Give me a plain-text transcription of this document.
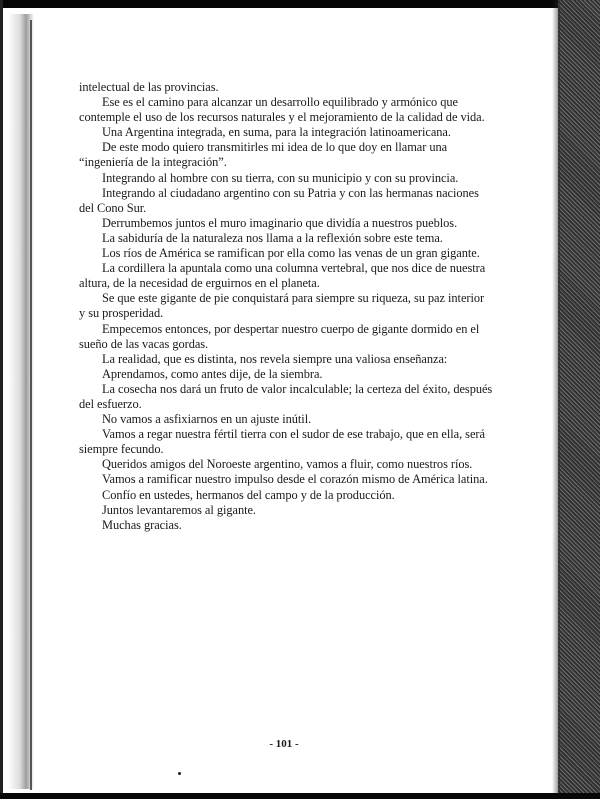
intelectual de las provincias.

Ese es el camino para alcanzar un desarrollo equilibrado y armónico que contemple el uso de los recursos naturales y el mejoramiento de la calidad de vida.

Una Argentina integrada, en suma, para la integración latinoamericana.

De este modo quiero transmitirles mi idea de lo que doy en llamar una “ingeniería de la integración”.

Integrando al hombre con su tierra, con su municipio y con su provincia.

Integrando al ciudadano argentino con su Patria y con las hermanas naciones del Cono Sur.

Derrumbemos juntos el muro imaginario que dividía a nuestros pueblos.

La sabiduría de la naturaleza nos llama a la reflexión sobre este tema.

Los ríos de América se ramifican por ella como las venas de un gran gigante.

La cordillera la apuntala como una columna vertebral, que nos dice de nuestra altura, de la necesidad de erguirnos en el planeta.

Se que este gigante de pie conquistará para siempre su riqueza, su paz interior y su prosperidad.

Empecemos entonces, por despertar nuestro cuerpo de gigante dormido en el sueño de las vacas gordas.

La realidad, que es distinta, nos revela siempre una valiosa enseñanza:

Aprendamos, como antes dije, de la siembra.

La cosecha nos dará un fruto de valor incalculable; la certeza del éxito, después del esfuerzo.

No vamos a asfixiarnos en un ajuste inútil.

Vamos a regar nuestra fértil tierra con el sudor de ese trabajo, que en ella, será siempre fecundo.

Queridos amigos del Noroeste argentino, vamos a fluir, como nuestros ríos.

Vamos a ramificar nuestro impulso desde el corazón mismo de América latina.

Confío en ustedes, hermanos del campo y de la producción.

Juntos levantaremos al gigante.

Muchas gracias.

- 101 -
